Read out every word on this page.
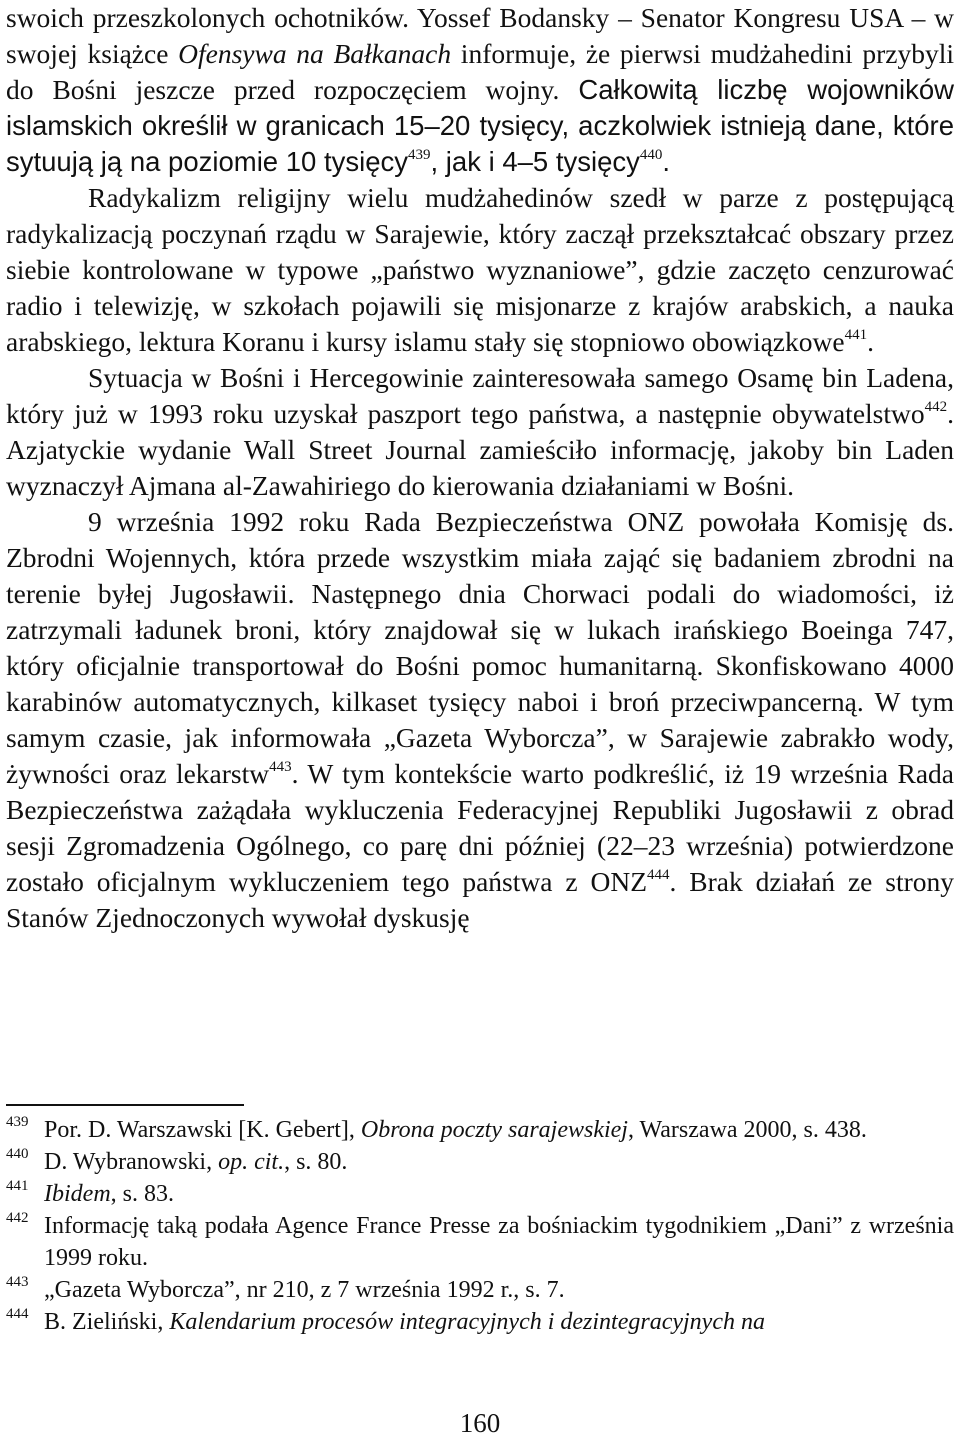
swoich przeszkolonych ochotników. Yossef Bodansky – Senator Kongresu USA – w swojej książce Ofensywa na Bałkanach informuje, że pierwsi mudżahedini przybyli do Bośni jeszcze przed rozpoczęciem wojny. Całkowitą liczbę wojowników islamskich określił w granicach 15–20 tysięcy, aczkolwiek istnieją dane, które sytuują ją na poziomie 10 tysięcy$^{439}$, jak i 4–5 tysięcy$^{440}$.

Radykalizm religijny wielu mudżahedinów szedł w parze z postępującą radykalizacją poczynań rządu w Sarajewie, który zaczął przekształcać obszary przez siebie kontrolowane w typowe „państwo wyznaniowe”, gdzie zaczęto cenzurować radio i telewizję, w szkołach pojawili się misjonarze z krajów arabskich, a nauka arabskiego, lektura Koranu i kursy islamu stały się stopniowo obowiązkowe$^{441}$.

Sytuacja w Bośni i Hercegowinie zainteresowała samego Osamę bin Ladena, który już w 1993 roku uzyskał paszport tego państwa, a następnie obywatelstwo$^{442}$. Azjatyckie wydanie Wall Street Journal zamieściło informację, jakoby bin Laden wyznaczył Ajmana al-Zawahiriego do kierowania działaniami w Bośni.

9 września 1992 roku Rada Bezpieczeństwa ONZ powołała Komisję ds. Zbrodni Wojennych, która przede wszystkim miała zająć się badaniem zbrodni na terenie byłej Jugosławii. Następnego dnia Chorwaci podali do wiadomości, iż zatrzymali ładunek broni, który znajdował się w lukach irańskiego Boeinga 747, który oficjalnie transportował do Bośni pomoc humanitarną. Skonfiskowano 4000 karabinów automatycznych, kilkaset tysięcy naboi i broń przeciwpancerną. W tym samym czasie, jak informowała „Gazeta Wyborcza”, w Sarajewie zabrakło wody, żywności oraz lekarstw$^{443}$. W tym kontekście warto podkreślić, iż 19 września Rada Bezpieczeństwa zażądała wykluczenia Federacyjnej Republiki Jugosławii z obrad sesji Zgromadzenia Ogólnego, co parę dni później (22–23 września) potwierdzone zostało oficjalnym wykluczeniem tego państwa z ONZ$^{444}$. Brak działań ze strony Stanów Zjednoczonych wywołał dyskusję

439 Por. D. Warszawski [K. Gebert], Obrona poczty sarajewskiej, Warszawa 2000, s. 438.
440 D. Wybranowski, op. cit., s. 80.
441 Ibidem, s. 83.
442 Informację taką podała Agence France Presse za bośniackim tygodnikiem „Dani” z września 1999 roku.
443 „Gazeta Wyborcza”, nr 210, z 7 września 1992 r., s. 7.
444 B. Zieliński, Kalendarium procesów integracyjnych i dezintegracyjnych na
160
